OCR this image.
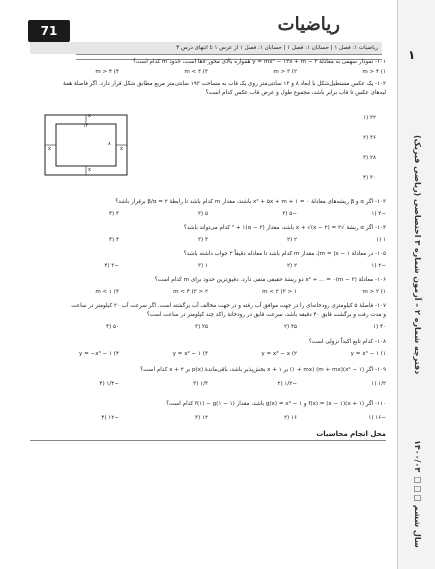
71	ریاضیات
ریاضیات ۱: فصل ۱ | حسابان ۱: فصل ۱ | حسابان ۱: فصل ۱ از عرس ۱ تا انتهای درس ۳
۱۰۱- نمودار سهمی به معادلهٔ y = mx² − ۱۲x + m − ۳ همواره بالای محور xها است، حدود m کدام است؟
m > ۴ (۱
m > ۳ (۲
m < ۳ (۳
m > ۴ (۴
۱۰۲- یک عکس مستطیل‌شکل با ابعاد ۸ و ۱۲ سانتی‌متر روی یک قاب به مساحت ۱۹۲ سانتی‌متر مربع مطابق شکل قرار دارد. اگر فاصلهٔ همهٔ
لبه‌های عکس تا قاب برابر باشد، مجموع طول و عرض قاب عکس کدام است؟
۳۲ (۱
۳۶ (۲
۲۸ (۳
۳۰ (۴
۱۰۳- اگر α و β ریشه‌های معادلهٔ x³ + ۵x + m + ۱ = ۰ باشند، مقدار m کدام باشد تا رابطهٔ β/α = ۲ برقرار باشد؟
−۳ (۱
−۵ (۲
۵ (۳
۳ (۴
۱۰۴- اگر α ریشهٔ √x + √(x − ۲) = ۲ باشد، مقدار (α − ۲)² + ۱ کدام می‌تواند باشد؟
۱ (۱
۲ (۲
۳ (۳
۴ (۴
۱۰۵- در معادلهٔ m = |x − ۱|، مقدار m کدام باشد تا معادله دقیقاً ۳ جواب داشته باشد؟
−۲ (۱
۲ (۲
۱ (۳
−۳ (۴
۱۰۶- معادلهٔ (m − ۲)x² + ... = ۰ دو ریشهٔ حقیقی منفی دارد. دقیق‌ترین حدود برای m کدام است؟
m > ۲ (۱
۱ < m < ۲ (۲
۲ < m < ۴ (۳
m < ۱ (۴
۱۰۷- فاصلهٔ ۵ کیلومتری رودخانه‌ای را در جهت موافق آب رفته و در جهت مخالف آب برگشته است. اگر سرعت آب ۲۰ کیلومتر در ساعت
و مدت رفت و برگشت قایق ۴۰ دقیقه باشد، سرعت قایق در رودخانهٔ راکد چند کیلومتر در ساعت است؟
۴۰ (۱
۴۵ (۲
۲۵ (۳
۵۰ (۴
۱۰۸- کدام تابع اکیداً نزولی است؟
y = x³ − ۱ (۱
y = x³ − x (۲
y = x² − ۱ (۳
y = −x³ − ۱ (۴
۱۰۹- اگر (x² − ۱)(m + mx) (۱ + mx) بر x + ۱ بخش‌پذیر باشد، باقی‌ماندهٔ p(x) بر x + ۲ کدام است؟
۱/۲ (۱
−۱/۲ (۲
۱/۴ (۳
−۱/۴ (۴
۱۱۰- اگر f(x) = (x − ۱)(x + ۱) و g(x) = x³ − ۱ باشد، مقدار f(۱) − g(۱ − ۱) کدام است؟
−۱۶ (۱
۱۶ (۲
۱۲ (۳
−۱۲ (۴
۱۲
۸
x
x
x	x
محل انجام محاسبات
۱
دفترچه شماره ۲ – آزمون شماره ۳ اختصاصی (ریاضی فیزیک)
سال ششم □□□ ۱۴۰۰/۰۳
